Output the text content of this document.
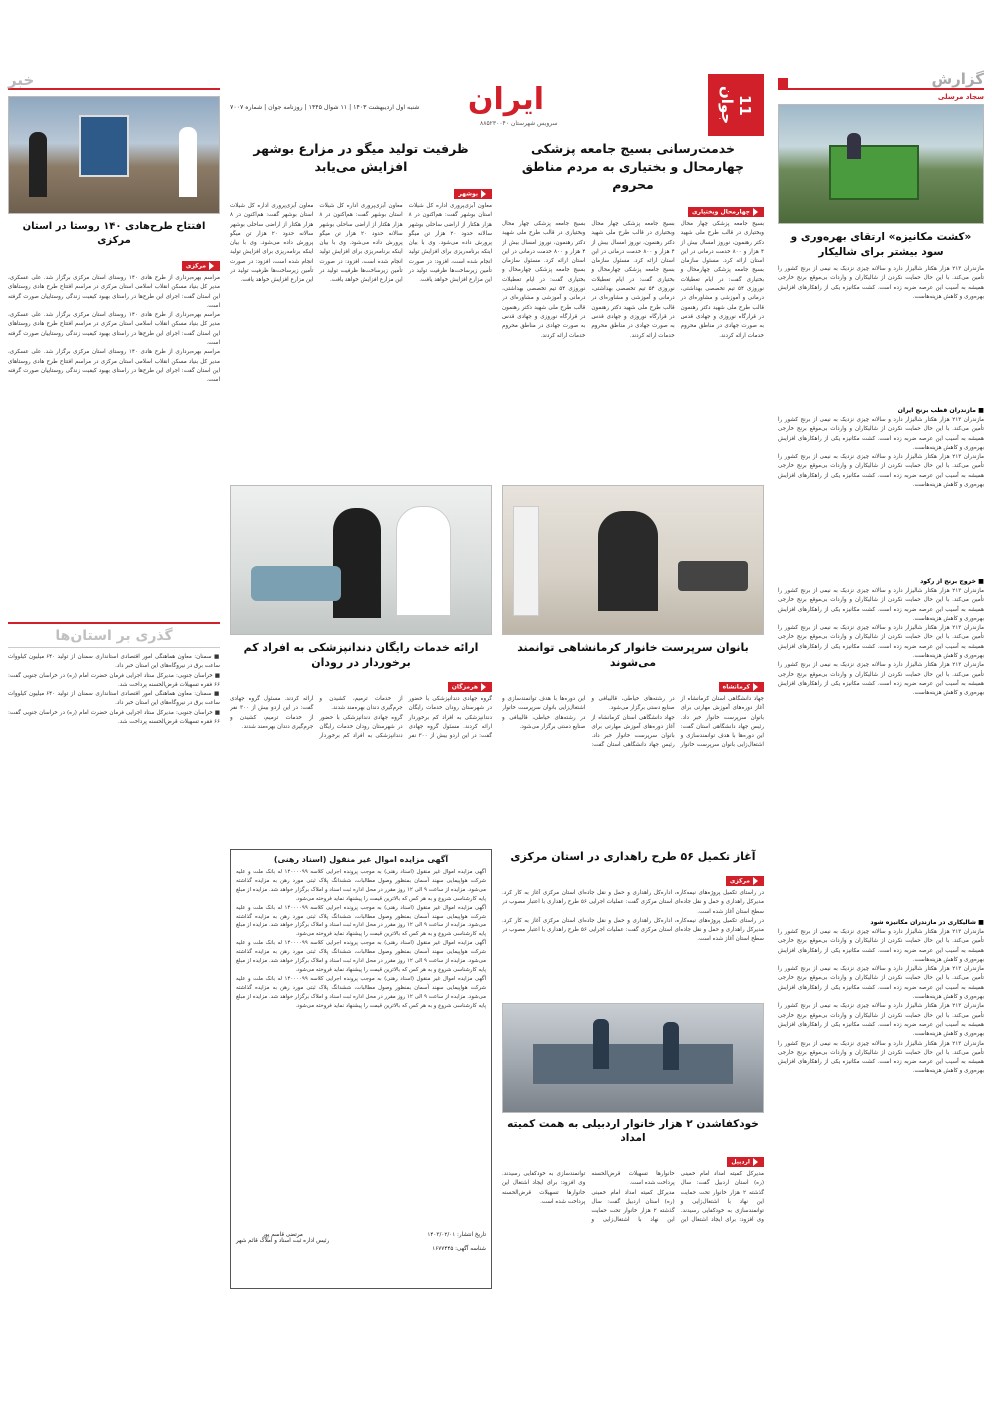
11
جوان
ایران
شنبه اول اردیبهشت ۱۴۰۳ | ۱۱ شوال ۱۴۴۵ | روزنامه جوان | شماره ۷۰۰۷
سرویس شهرستان ۸۸۵۲۳۰۰۴۰
گزارش
سجاد مرسلی
«کشت مکانیزه» ارتقای بهره‌وری و سود بیشتر برای شالیکار
مازندران ۲۱۳ هزار هکتار شالیزار دارد و سالانه چیزی نزدیک به نیمی از برنج کشور را تأمین می‌کند. با این حال حمایت نکردن از شالیکاران و واردات بی‌موقع برنج خارجی همیشه به آسیب این عرصه ضربه زده است. کشت مکانیزه یکی از راهکارهای افزایش بهره‌وری و کاهش هزینه‌هاست.
■ مازندران قطب برنج ایران

مازندران ۲۱۳ هزار هکتار شالیزار دارد و سالانه چیزی نزدیک به نیمی از برنج کشور را تأمین می‌کند. با این حال حمایت نکردن از شالیکاران و واردات بی‌موقع برنج خارجی همیشه به آسیب این عرصه ضربه زده است. کشت مکانیزه یکی از راهکارهای افزایش بهره‌وری و کاهش هزینه‌هاست.

مازندران ۲۱۳ هزار هکتار شالیزار دارد و سالانه چیزی نزدیک به نیمی از برنج کشور را تأمین می‌کند. با این حال حمایت نکردن از شالیکاران و واردات بی‌موقع برنج خارجی همیشه به آسیب این عرصه ضربه زده است. کشت مکانیزه یکی از راهکارهای افزایش بهره‌وری و کاهش هزینه‌هاست.

■ خروج برنج از رکود

مازندران ۲۱۳ هزار هکتار شالیزار دارد و سالانه چیزی نزدیک به نیمی از برنج کشور را تأمین می‌کند. با این حال حمایت نکردن از شالیکاران و واردات بی‌موقع برنج خارجی همیشه به آسیب این عرصه ضربه زده است. کشت مکانیزه یکی از راهکارهای افزایش بهره‌وری و کاهش هزینه‌هاست.

مازندران ۲۱۳ هزار هکتار شالیزار دارد و سالانه چیزی نزدیک به نیمی از برنج کشور را تأمین می‌کند. با این حال حمایت نکردن از شالیکاران و واردات بی‌موقع برنج خارجی همیشه به آسیب این عرصه ضربه زده است. کشت مکانیزه یکی از راهکارهای افزایش بهره‌وری و کاهش هزینه‌هاست.

مازندران ۲۱۳ هزار هکتار شالیزار دارد و سالانه چیزی نزدیک به نیمی از برنج کشور را تأمین می‌کند. با این حال حمایت نکردن از شالیکاران و واردات بی‌موقع برنج خارجی همیشه به آسیب این عرصه ضربه زده است. کشت مکانیزه یکی از راهکارهای افزایش بهره‌وری و کاهش هزینه‌هاست.

■ شالیکاری در مازندران مکانیزه شود

مازندران ۲۱۳ هزار هکتار شالیزار دارد و سالانه چیزی نزدیک به نیمی از برنج کشور را تأمین می‌کند. با این حال حمایت نکردن از شالیکاران و واردات بی‌موقع برنج خارجی همیشه به آسیب این عرصه ضربه زده است. کشت مکانیزه یکی از راهکارهای افزایش بهره‌وری و کاهش هزینه‌هاست.

مازندران ۲۱۳ هزار هکتار شالیزار دارد و سالانه چیزی نزدیک به نیمی از برنج کشور را تأمین می‌کند. با این حال حمایت نکردن از شالیکاران و واردات بی‌موقع برنج خارجی همیشه به آسیب این عرصه ضربه زده است. کشت مکانیزه یکی از راهکارهای افزایش بهره‌وری و کاهش هزینه‌هاست.

مازندران ۲۱۳ هزار هکتار شالیزار دارد و سالانه چیزی نزدیک به نیمی از برنج کشور را تأمین می‌کند. با این حال حمایت نکردن از شالیکاران و واردات بی‌موقع برنج خارجی همیشه به آسیب این عرصه ضربه زده است. کشت مکانیزه یکی از راهکارهای افزایش بهره‌وری و کاهش هزینه‌هاست.

مازندران ۲۱۳ هزار هکتار شالیزار دارد و سالانه چیزی نزدیک به نیمی از برنج کشور را تأمین می‌کند. با این حال حمایت نکردن از شالیکاران و واردات بی‌موقع برنج خارجی همیشه به آسیب این عرصه ضربه زده است. کشت مکانیزه یکی از راهکارهای افزایش بهره‌وری و کاهش هزینه‌هاست.

خبر
افتتاح طرح‌هادی ۱۴۰ روستا در استان مرکزی
مرکزی

مراسم بهره‌برداری از طرح هادی ۱۴۰ روستای استان مرکزی برگزار شد. علی عسکری، مدیر کل بنیاد مسکن انقلاب اسلامی استان مرکزی در مراسم افتتاح طرح هادی روستاهای این استان گفت: اجرای این طرح‌ها در راستای بهبود کیفیت زندگی روستاییان صورت گرفته است.

مراسم بهره‌برداری از طرح هادی ۱۴۰ روستای استان مرکزی برگزار شد. علی عسکری، مدیر کل بنیاد مسکن انقلاب اسلامی استان مرکزی در مراسم افتتاح طرح هادی روستاهای این استان گفت: اجرای این طرح‌ها در راستای بهبود کیفیت زندگی روستاییان صورت گرفته است.

مراسم بهره‌برداری از طرح هادی ۱۴۰ روستای استان مرکزی برگزار شد. علی عسکری، مدیر کل بنیاد مسکن انقلاب اسلامی استان مرکزی در مراسم افتتاح طرح هادی روستاهای این استان گفت: اجرای این طرح‌ها در راستای بهبود کیفیت زندگی روستاییان صورت گرفته است.

گذری بر استان‌ها

■ سمنان: معاون هماهنگی امور اقتصادی استانداری سمنان از تولید ۶۴۰ میلیون کیلووات ساعت برق در نیروگاه‌های این استان خبر داد.

■ خراسان جنوبی: مدیرکل ستاد اجرایی فرمان حضرت امام (ره) در خراسان جنوبی گفت: ۶۶ فقره تسهیلات قرض‌الحسنه پرداخت شد.

■ سمنان: معاون هماهنگی امور اقتصادی استانداری سمنان از تولید ۶۴۰ میلیون کیلووات ساعت برق در نیروگاه‌های این استان خبر داد.

■ خراسان جنوبی: مدیرکل ستاد اجرایی فرمان حضرت امام (ره) در خراسان جنوبی گفت: ۶۶ فقره تسهیلات قرض‌الحسنه پرداخت شد.

خدمت‌رسانی بسیج جامعه پزشکی چهارمحال و بختیاری به مردم مناطق محروم
چهارمحال وبختیاری

بسیج جامعه پزشکی چهار محال وبختیاری در قالب طرح ملی شهید دکتر رهنمون، نوروز امسال بیش از ۴ هزار و ۸۰۰ خدمت درمانی در این استان ارائه کرد. مسئول سازمان بسیج جامعه پزشکی چهارمحال و بختیاری گفت: در ایام تعطیلات نوروزی ۵۴ تیم تخصصی بهداشتی، درمانی و آموزشی و مشاوره‌ای در قالب طرح ملی شهید دکتر رهنمون در قرارگاه نوروزی و جهادی قدس به صورت جهادی در مناطق محروم خدمات ارائه کردند.

بسیج جامعه پزشکی چهار محال وبختیاری در قالب طرح ملی شهید دکتر رهنمون، نوروز امسال بیش از ۴ هزار و ۸۰۰ خدمت درمانی در این استان ارائه کرد. مسئول سازمان بسیج جامعه پزشکی چهارمحال و بختیاری گفت: در ایام تعطیلات نوروزی ۵۴ تیم تخصصی بهداشتی، درمانی و آموزشی و مشاوره‌ای در قالب طرح ملی شهید دکتر رهنمون در قرارگاه نوروزی و جهادی قدس به صورت جهادی در مناطق محروم خدمات ارائه کردند.

بسیج جامعه پزشکی چهار محال وبختیاری در قالب طرح ملی شهید دکتر رهنمون، نوروز امسال بیش از ۴ هزار و ۸۰۰ خدمت درمانی در این استان ارائه کرد. مسئول سازمان بسیج جامعه پزشکی چهارمحال و بختیاری گفت: در ایام تعطیلات نوروزی ۵۴ تیم تخصصی بهداشتی، درمانی و آموزشی و مشاوره‌ای در قالب طرح ملی شهید دکتر رهنمون در قرارگاه نوروزی و جهادی قدس به صورت جهادی در مناطق محروم خدمات ارائه کردند.

ظرفیت تولید میگو در مزارع بوشهر افزایش می‌یابد
بوشهر

معاون آبزی‌پروری اداره کل شیلات استان بوشهر گفت: هم‌اکنون در ۸ هزار هکتار از اراضی ساحلی بوشهر سالانه حدود ۲۰ هزار تن میگو پرورش داده می‌شود. وی با بیان اینکه برنامه‌ریزی برای افزایش تولید انجام شده است، افزود: در صورت تأمین زیرساخت‌ها ظرفیت تولید در این مزارع افزایش خواهد یافت.

معاون آبزی‌پروری اداره کل شیلات استان بوشهر گفت: هم‌اکنون در ۸ هزار هکتار از اراضی ساحلی بوشهر سالانه حدود ۲۰ هزار تن میگو پرورش داده می‌شود. وی با بیان اینکه برنامه‌ریزی برای افزایش تولید انجام شده است، افزود: در صورت تأمین زیرساخت‌ها ظرفیت تولید در این مزارع افزایش خواهد یافت.

معاون آبزی‌پروری اداره کل شیلات استان بوشهر گفت: هم‌اکنون در ۸ هزار هکتار از اراضی ساحلی بوشهر سالانه حدود ۲۰ هزار تن میگو پرورش داده می‌شود. وی با بیان اینکه برنامه‌ریزی برای افزایش تولید انجام شده است، افزود: در صورت تأمین زیرساخت‌ها ظرفیت تولید در این مزارع افزایش خواهد یافت.

بانوان سرپرست خانوار کرمانشاهی توانمند می‌شوند
کرمانشاه

جهاد دانشگاهی استان کرمانشاه از آغاز دوره‌های آموزش مهارتی برای بانوان سرپرست خانوار خبر داد. رئیس جهاد دانشگاهی استان گفت: این دوره‌ها با هدف توانمندسازی و اشتغال‌زایی بانوان سرپرست خانوار در رشته‌های خیاطی، قالیبافی و صنایع دستی برگزار می‌شود.

جهاد دانشگاهی استان کرمانشاه از آغاز دوره‌های آموزش مهارتی برای بانوان سرپرست خانوار خبر داد. رئیس جهاد دانشگاهی استان گفت: این دوره‌ها با هدف توانمندسازی و اشتغال‌زایی بانوان سرپرست خانوار در رشته‌های خیاطی، قالیبافی و صنایع دستی برگزار می‌شود.

ارائه خدمات رایگان دندانپزشکی به افراد کم برخوردار در رودان
هرمزگان

گروه جهادی دندانپزشکی با حضور در شهرستان رودان خدمات رایگان دندانپزشکی به افراد کم برخوردار ارائه کردند. مسئول گروه جهادی گفت: در این اردو بیش از ۳۰۰ نفر از خدمات ترمیم، کشیدن و جرم‌گیری دندان بهره‌مند شدند.

گروه جهادی دندانپزشکی با حضور در شهرستان رودان خدمات رایگان دندانپزشکی به افراد کم برخوردار ارائه کردند. مسئول گروه جهادی گفت: در این اردو بیش از ۳۰۰ نفر از خدمات ترمیم، کشیدن و جرم‌گیری دندان بهره‌مند شدند.

آغاز تکمیل ۵۶ طرح راهداری در استان مرکزی
مرکزی

در راستای تکمیل پروژه‌های نیمه‌کاره، اداره‌کل راهداری و حمل و نقل جاده‌ای استان مرکزی آغاز به کار کرد. مدیرکل راهداری و حمل و نقل جاده‌ای استان مرکزی گفت: عملیات اجرایی ۵۶ طرح راهداری با اعتبار مصوب در سطح استان آغاز شده است.

در راستای تکمیل پروژه‌های نیمه‌کاره، اداره‌کل راهداری و حمل و نقل جاده‌ای استان مرکزی آغاز به کار کرد. مدیرکل راهداری و حمل و نقل جاده‌ای استان مرکزی گفت: عملیات اجرایی ۵۶ طرح راهداری با اعتبار مصوب در سطح استان آغاز شده است.

خودکفاشدن ۲ هزار خانوار اردبیلی به همت کمیته امداد
اردبیل

مدیرکل کمیته امداد امام خمینی (ره) استان اردبیل گفت: سال گذشته ۲ هزار خانوار تحت حمایت این نهاد با اشتغال‌زایی و توانمندسازی به خودکفایی رسیدند. وی افزود: برای ایجاد اشتغال این خانوارها تسهیلات قرض‌الحسنه پرداخت شده است.

مدیرکل کمیته امداد امام خمینی (ره) استان اردبیل گفت: سال گذشته ۲ هزار خانوار تحت حمایت این نهاد با اشتغال‌زایی و توانمندسازی به خودکفایی رسیدند. وی افزود: برای ایجاد اشتغال این خانوارها تسهیلات قرض‌الحسنه پرداخت شده است.

آگهی مزایده اموال غیر منقول (اسناد رهنی)

آگهی مزایده اموال غیر منقول (اسناد رهنی) به موجب پرونده اجرایی کلاسه ۱۴۰۰۰۰۹۹ له بانک ملت و علیه شرکت هواپیمایی سهند آسمان بمنظور وصول مطالبات، ششدانگ پلاک ثبتی مورد رهن به مزایده گذاشته می‌شود. مزایده از ساعت ۹ الی ۱۲ روز مقرر در محل اداره ثبت اسناد و املاک برگزار خواهد شد. مزایده از مبلغ پایه کارشناسی شروع و به هر کس که بالاترین قیمت را پیشنهاد نماید فروخته می‌شود.

آگهی مزایده اموال غیر منقول (اسناد رهنی) به موجب پرونده اجرایی کلاسه ۱۴۰۰۰۰۹۹ له بانک ملت و علیه شرکت هواپیمایی سهند آسمان بمنظور وصول مطالبات، ششدانگ پلاک ثبتی مورد رهن به مزایده گذاشته می‌شود. مزایده از ساعت ۹ الی ۱۲ روز مقرر در محل اداره ثبت اسناد و املاک برگزار خواهد شد. مزایده از مبلغ پایه کارشناسی شروع و به هر کس که بالاترین قیمت را پیشنهاد نماید فروخته می‌شود.

آگهی مزایده اموال غیر منقول (اسناد رهنی) به موجب پرونده اجرایی کلاسه ۱۴۰۰۰۰۹۹ له بانک ملت و علیه شرکت هواپیمایی سهند آسمان بمنظور وصول مطالبات، ششدانگ پلاک ثبتی مورد رهن به مزایده گذاشته می‌شود. مزایده از ساعت ۹ الی ۱۲ روز مقرر در محل اداره ثبت اسناد و املاک برگزار خواهد شد. مزایده از مبلغ پایه کارشناسی شروع و به هر کس که بالاترین قیمت را پیشنهاد نماید فروخته می‌شود.

آگهی مزایده اموال غیر منقول (اسناد رهنی) به موجب پرونده اجرایی کلاسه ۱۴۰۰۰۰۹۹ له بانک ملت و علیه شرکت هواپیمایی سهند آسمان بمنظور وصول مطالبات، ششدانگ پلاک ثبتی مورد رهن به مزایده گذاشته می‌شود. مزایده از ساعت ۹ الی ۱۲ روز مقرر در محل اداره ثبت اسناد و املاک برگزار خواهد شد. مزایده از مبلغ پایه کارشناسی شروع و به هر کس که بالاترین قیمت را پیشنهاد نماید فروخته می‌شود.

تاریخ انتشار: ۱۴۰۳/۰۲/۰۱
مرتضی قاسم پور
رئیس اداره ثبت اسناد و املاک قائم شهر
شناسه آگهی: ۱۶۷۷۴۴۵
